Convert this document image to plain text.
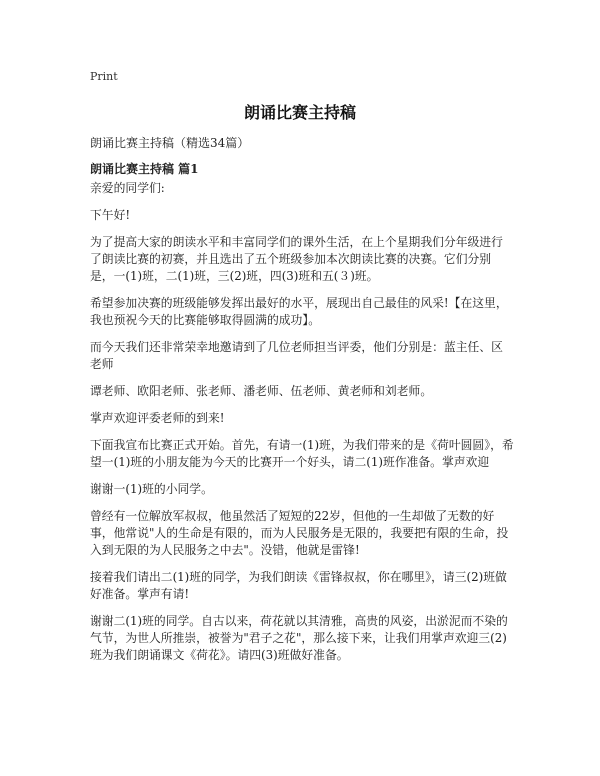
Print
朗诵比赛主持稿
朗诵比赛主持稿（精选34篇）
朗诵比赛主持稿 篇1

亲爱的同学们:

下午好!

为了提高大家的朗读水平和丰富同学们的课外生活，在上个星期我们分年级进行了朗读比赛的初赛，并且选出了五个班级参加本次朗读比赛的决赛。它们分别是，一(1)班，二(1)班，三(2)班，四(3)班和五(３)班。

希望参加决赛的班级能够发挥出最好的水平，展现出自己最佳的风采!【在这里，我也预祝今天的比赛能够取得圆满的成功】。

而今天我们还非常荣幸地邀请到了几位老师担当评委，他们分别是：蓝主任、区老师

谭老师、欧阳老师、张老师、潘老师、伍老师、黄老师和刘老师。

掌声欢迎评委老师的到来!

下面我宣布比赛正式开始。首先，有请一(1)班，为我们带来的是《荷叶圆圆》，希望一(1)班的小朋友能为今天的比赛开一个好头，请二(1)班作准备。掌声欢迎

谢谢一(1)班的小同学。

曾经有一位解放军叔叔，他虽然活了短短的22岁，但他的一生却做了无数的好事，他常说"人的生命是有限的，而为人民服务是无限的，我要把有限的生命，投入到无限的为人民服务之中去"。没错，他就是雷锋!

接着我们请出二(1)班的同学，为我们朗读《雷锋叔叔，你在哪里》，请三(2)班做好准备。掌声有请!

谢谢二(1)班的同学。自古以来，荷花就以其清雅，高贵的风姿，出淤泥而不染的气节，为世人所推崇，被誉为"君子之花"，那么接下来，让我们用掌声欢迎三(2)班为我们朗诵课文《荷花》。请四(3)班做好准备。
